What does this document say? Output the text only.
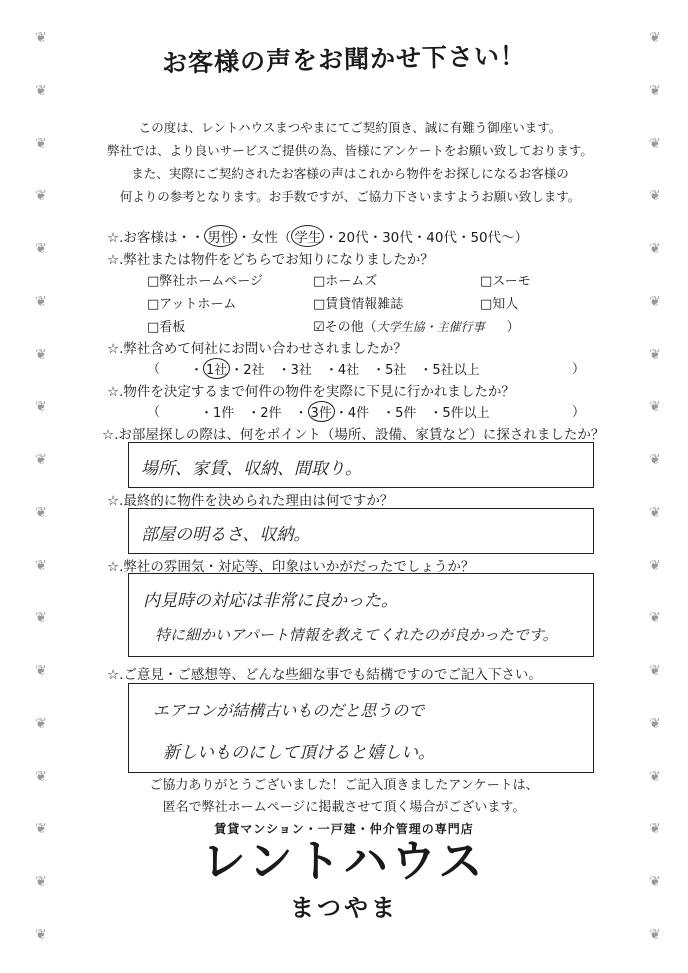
❦
❦
❦
❦
❦
❦
❦
❦
❦
❦
❦
❦
❦
❦
❦
❦
❦
❦
❦
❦
❦
❦
❦
❦
❦
❦
❦
❦
❦
❦
❦
❦
❦
❦
❦
❦
お客様の声をお聞かせ下さい！
この度は、レントハウスまつやまにてご契約頂き、誠に有難う御座います。
弊社では、より良いサービスご提供の為、皆様にアンケートをお願い致しております。
また、実際にご契約されたお客様の声はこれから物件をお探しになるお客様の
何よりの参考となります。お手数ですが、ご協力下さいますようお願い致します。
☆.お客様は・・ 男性 ・女性（ 学生 ・20代・30代・40代・50代～）
☆.弊社または物件をどちらでお知りになりましたか？
□弊社ホームページ	□ホームズ	□スーモ
□アットホーム	□賃貸情報雑誌	□知人
□看板	☑その他（大学生協・主催行事 ）
☆.弊社含めて何社にお問い合わせされましたか？
（ ・ 1社 ・2社　・3社　・4社　・5社　・5社以上	）
☆.物件を決定するまで何件の物件を実際に下見に行かれましたか？
（	・1件　・2件　・ 3件 ・4件　・5件　・5件以上	）
☆.お部屋探しの際は、何をポイント（場所、設備、家賃など）に探されましたか？
場所、家賃、収納、間取り。
☆.最終的に物件を決められた理由は何ですか？
部屋の明るさ、収納。
☆.弊社の雰囲気・対応等、印象はいかがだったでしょうか？
内見時の対応は非常に良かった。
特に細かいアパート情報を教えてくれたのが良かったです。
☆.ご意見・ご感想等、どんな些細な事でも結構ですのでご記入下さい。
エアコンが結構古いものだと思うので
新しいものにして頂けると嬉しい。
ご協力ありがとうございました！ご記入頂きましたアンケートは、
匿名で弊社ホームページに掲載させて頂く場合がございます。
賃貸マンション・一戸建・仲介管理の専門店
レントハウス
まつやま
